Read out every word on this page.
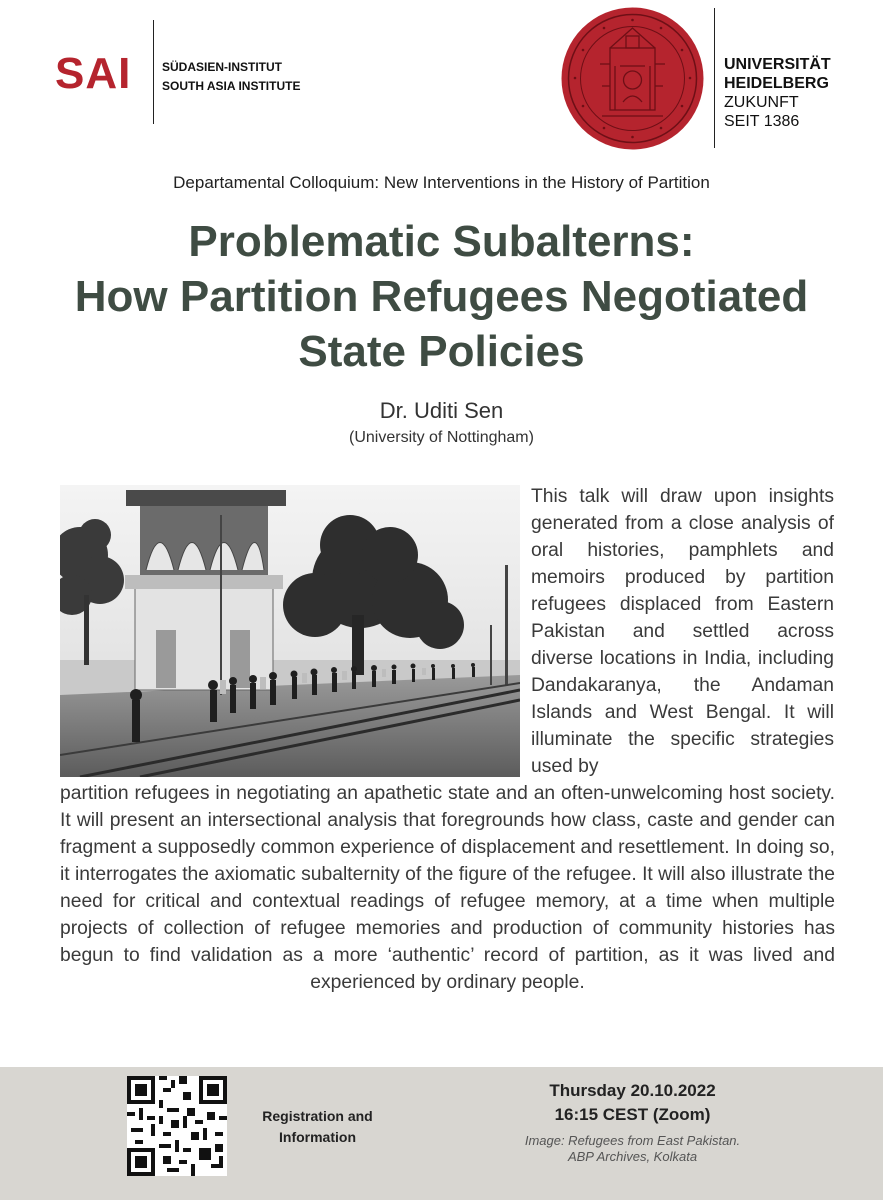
SAI	SÜDASIEN-INSTITUT
SOUTH ASIA INSTITUTE
UNIVERSITÄT
HEIDELBERG
ZUKUNFT
SEIT 1386
Departamental Colloquium: New Interventions in the History of Partition
Problematic Subalterns:
How Partition Refugees Negotiated
State Policies
Dr. Uditi Sen
(University of Nottingham)
This talk will draw upon insights generated from a close analysis of oral histories, pamphlets and memoirs produced by partition refugees displaced from Eastern Pakistan and settled across diverse locations in India, including Dandakaranya, the Andaman Islands and West Bengal. It will illuminate the specific strategies used by
partition refugees in negotiating an apathetic state and an often-unwelcoming host society. It will present an intersectional analysis that foregrounds how class, caste and gender can fragment a supposedly common experience of displacement and resettlement. In doing so, it interrogates the axiomatic subalternity of the figure of the refugee. It will also illustrate the need for critical and contextual readings of refugee memory, at a time when multiple projects of collection of refugee memories and production of community histories has begun to find validation as a more ‘authentic’ record of partition, as it was lived and experienced by ordinary people.
Registration and
Information
Thursday 20.10.2022
16:15 CEST (Zoom)
Image: Refugees from East Pakistan.
ABP Archives, Kolkata
